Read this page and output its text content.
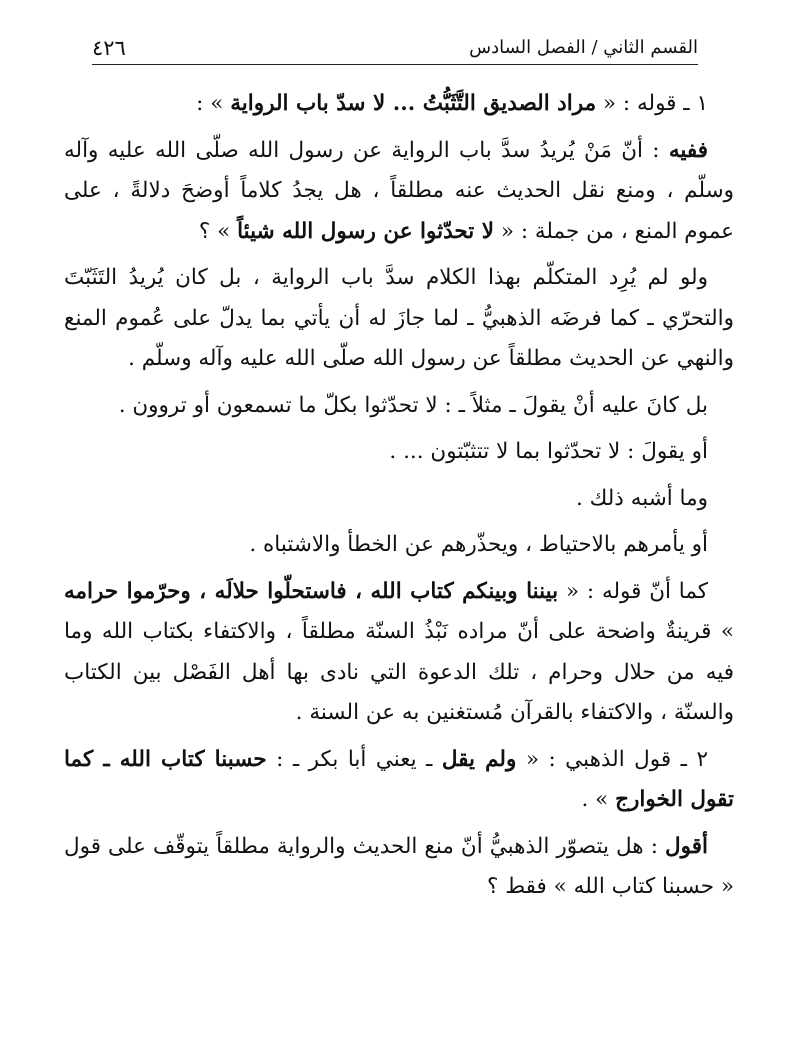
القسم الثاني / الفصل السادس
٤٢٦

١ ـ قوله : « مراد الصديق التَّثَبُّتُ ... لا سدّ باب الرواية » :

ففيه : أنّ مَنْ يُريدُ سدَّ باب الرواية عن رسول الله صلّى الله عليه وآله وسلّم ، ومنع نقل الحديث عنه مطلقاً ، هل يجدُ كلاماً أوضحَ دلالةً ، على عموم المنع ، من جملة : « لا تحدّثوا عن رسول الله شيئاً » ؟

ولو لم يُرِد المتكلّم بهذا الكلام سدَّ باب الرواية ، بل كان يُريدُ التَثَبّتَ والتحرّي ـ كما فرضَه الذهبيُّ ـ لما جازَ له أن يأتي بما يدلّ على عُموم المنع والنهي عن الحديث مطلقاً عن رسول الله صلّى الله عليه وآله وسلّم .

بل كانَ عليه أنْ يقولَ ـ مثلاً ـ : لا تحدّثوا بكلّ ما تسمعون أو تروون .

أو يقولَ : لا تحدّثوا بما لا تتثبّتون ... .

وما أشبه ذلك .

أو يأمرهم بالاحتياط ، ويحذّرهم عن الخطأ والاشتباه .

كما أنّ قوله : « بيننا وبينكم كتاب الله ، فاستحلّوا حلالَه ، وحرّموا حرامه » قرينةٌ واضحة على أنّ مراده نَبْذُ السنّة مطلقاً ، والاكتفاء بكتاب الله وما فيه من حلال وحرام ، تلك الدعوة التي نادى بها أهل الفَصْل بين الكتاب والسنّة ، والاكتفاء بالقرآن مُستغنين به عن السنة .

٢ ـ قول الذهبي : « ولم يقل ـ يعني أبا بكر ـ : حسبنا كتاب الله ـ كما تقول الخوارج » .

أقول : هل يتصوّر الذهبيُّ أنّ منع الحديث والرواية مطلقاً يتوقّف على قول « حسبنا كتاب الله » فقط ؟
